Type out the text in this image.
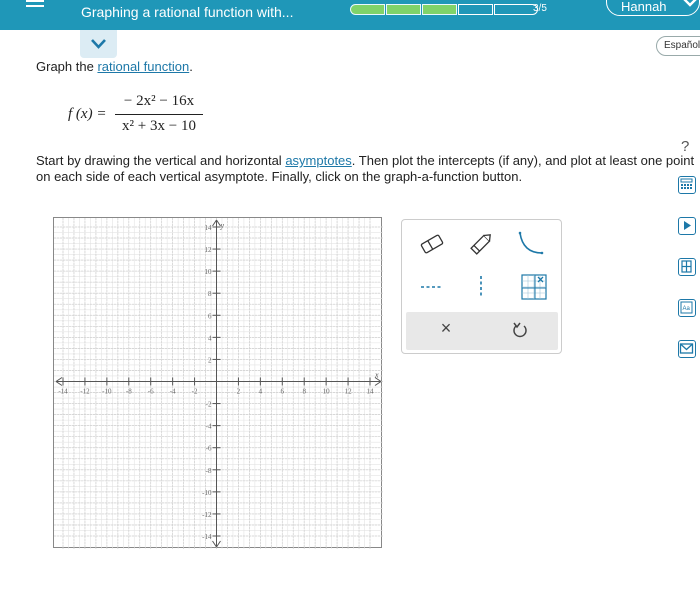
Graphing a rational function with...	3/5	Hannah
Español
Graph the rational function.
f (x) =
− 2x² − 16x
x² + 3x − 10
?
Start by drawing the vertical and horizontal asymptotes. Then plot the intercepts (if any), and plot at least one point on each side of each vertical asymptote. Finally, click on the graph-a-function button.
Aa
-14 -12 -10 -8 -6 -4 -2	2	4	6	8 10 12 14
14
12
10
8
6
4
2
-2
-4
-6
-8
-10
-12
-14
x
y
×
